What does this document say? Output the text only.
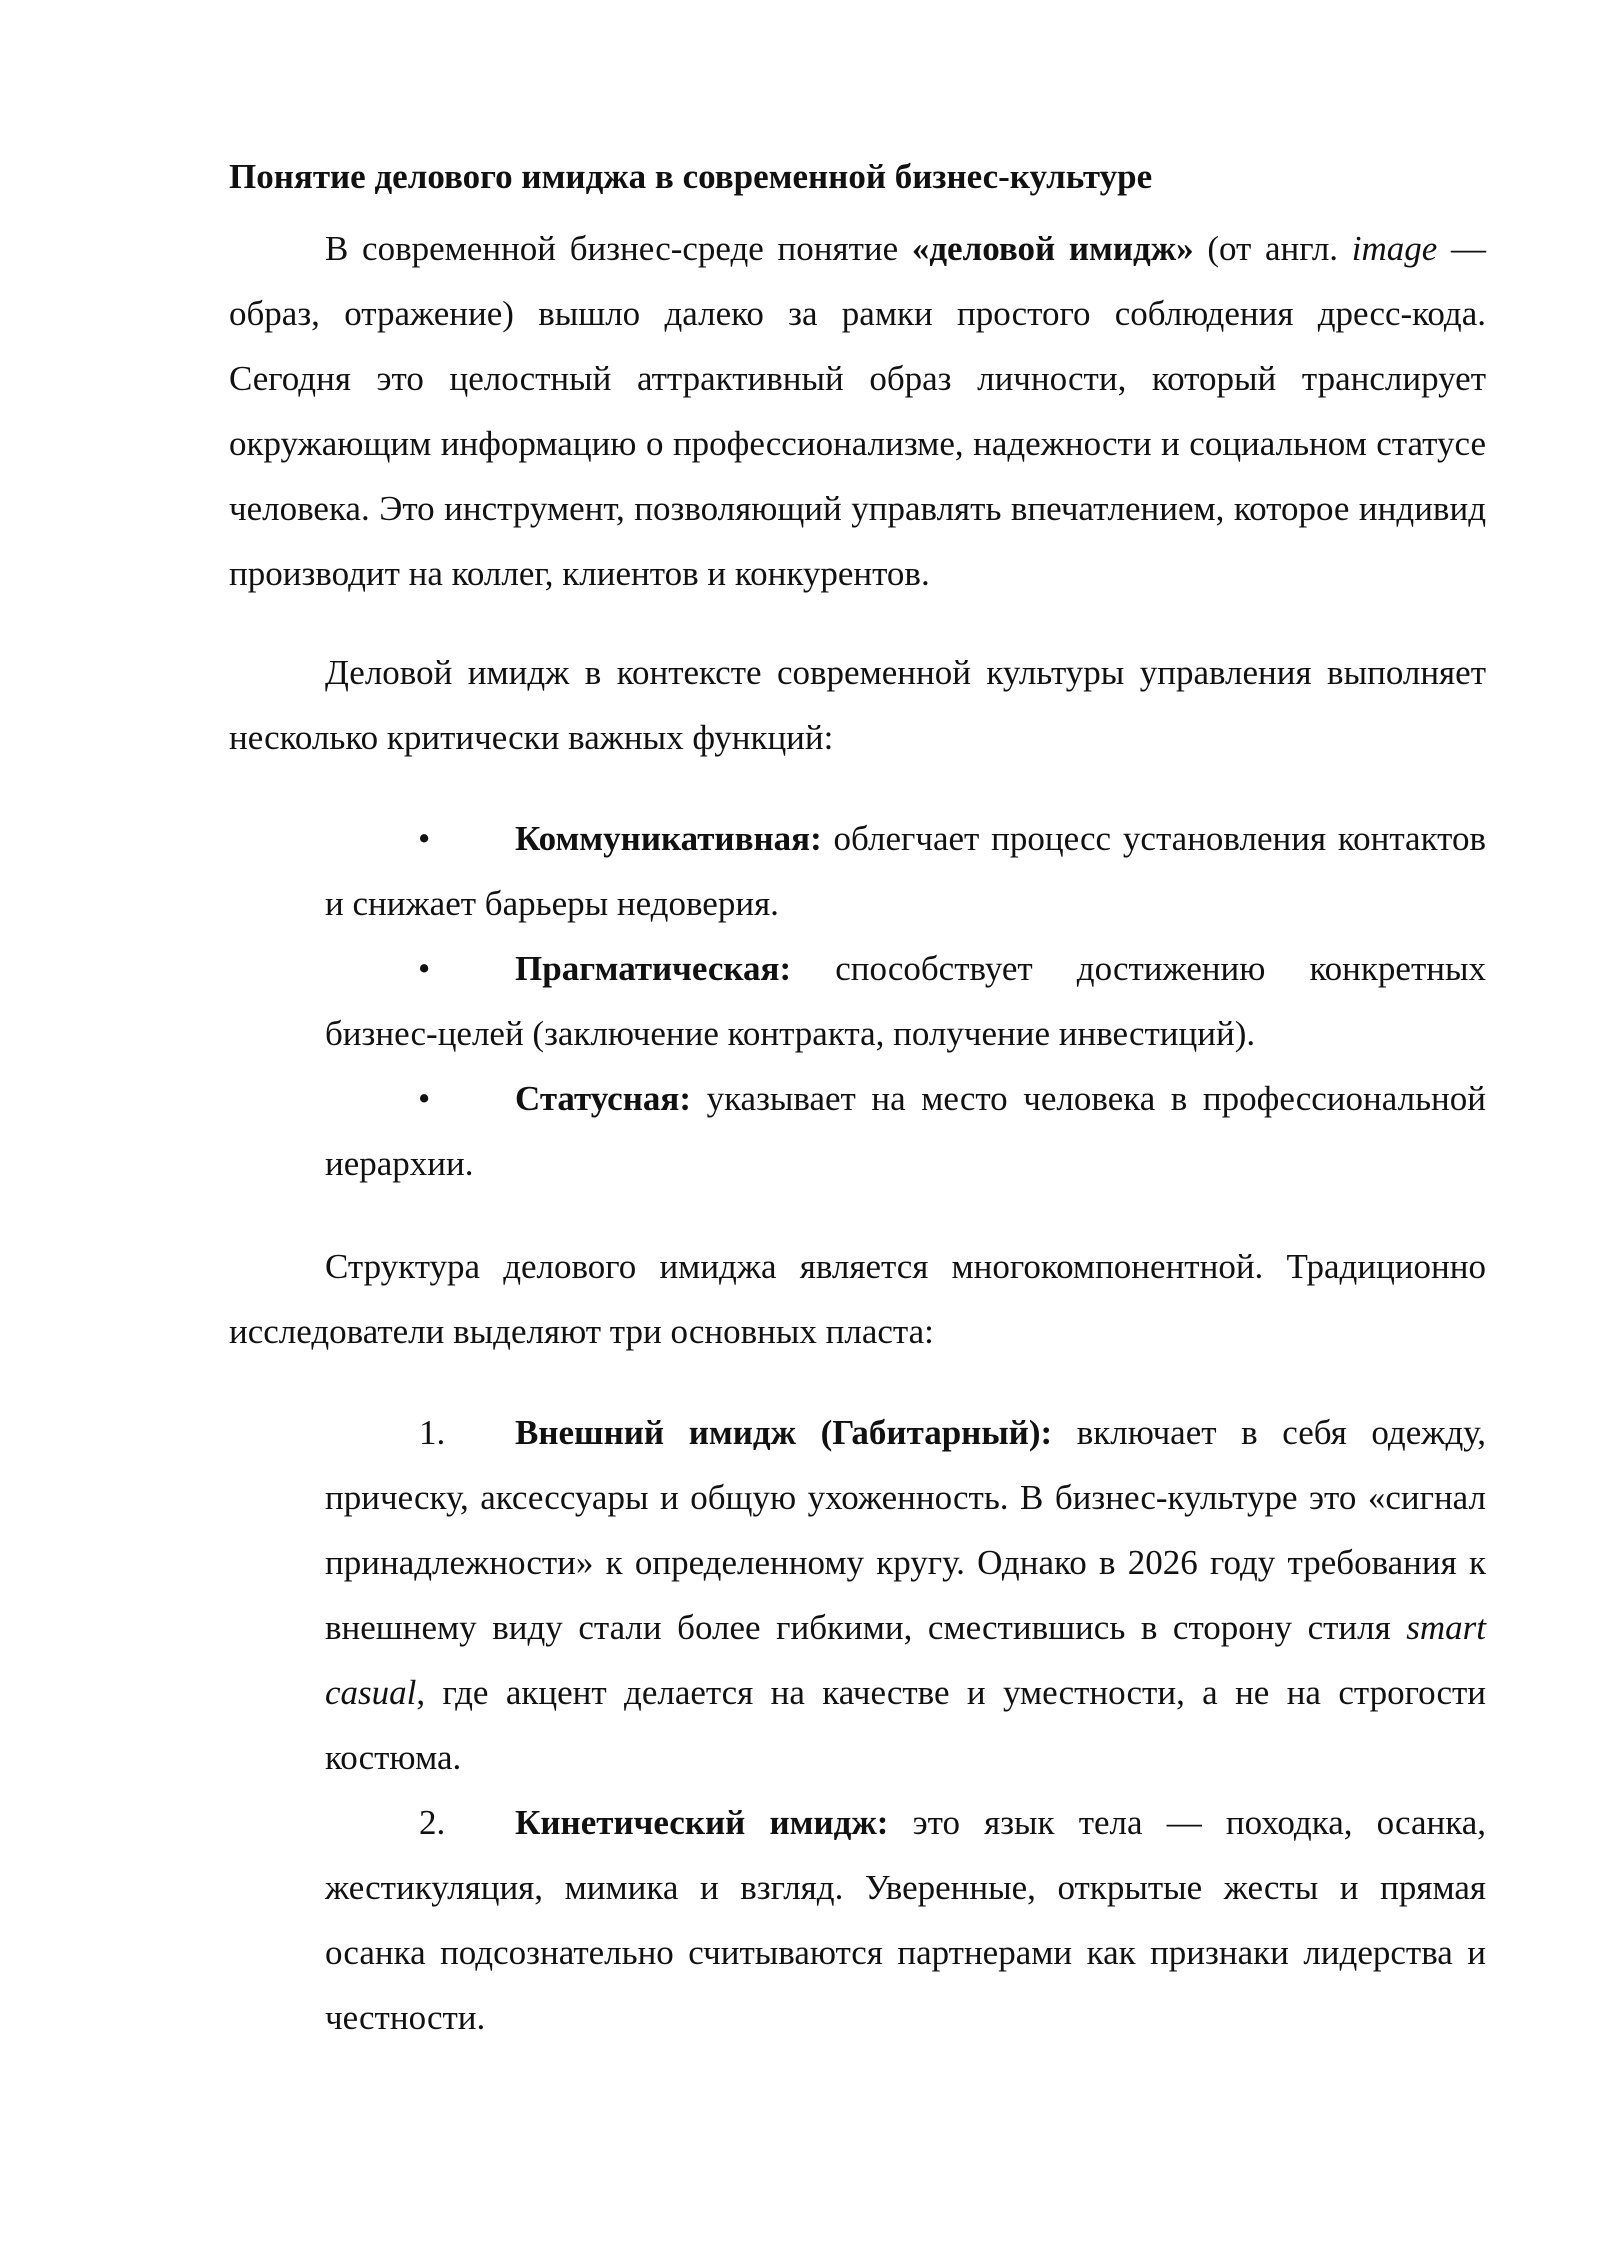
Понятие делового имиджа в современной бизнес-культуре

В современной бизнес-среде понятие «деловой имидж» (от англ. image — образ, отражение) вышло далеко за рамки простого соблюдения дресс-кода. Сегодня это целостный аттрактивный образ личности, который транслирует окружающим информацию о профессионализме, надежности и социальном статусе человека. Это инструмент, позволяющий управлять впечатлением, которое индивид производит на коллег, клиентов и конкурентов.

Деловой имидж в контексте современной культуры управления выполняет несколько критически важных функций:

•	Коммуникативная: облегчает процесс установления контактов и снижает барьеры недоверия.
•	Прагматическая: способствует достижению конкретных бизнес-целей (заключение контракта, получение инвестиций).
•	Статусная: указывает на место человека в профессиональной иерархии.

Структура делового имиджа является многокомпонентной. Традиционно исследователи выделяют три основных пласта:

1.	Внешний имидж (Габитарный): включает в себя одежду, прическу, аксессуары и общую ухоженность. В бизнес-культуре это «сигнал принадлежности» к определенному кругу. Однако в 2026 году требования к внешнему виду стали более гибкими, сместившись в сторону стиля smart casual, где акцент делается на качестве и уместности, а не на строгости костюма.
2.	Кинетический имидж: это язык тела — походка, осанка, жестикуляция, мимика и взгляд. Уверенные, открытые жесты и прямая осанка подсознательно считываются партнерами как признаки лидерства и честности.
